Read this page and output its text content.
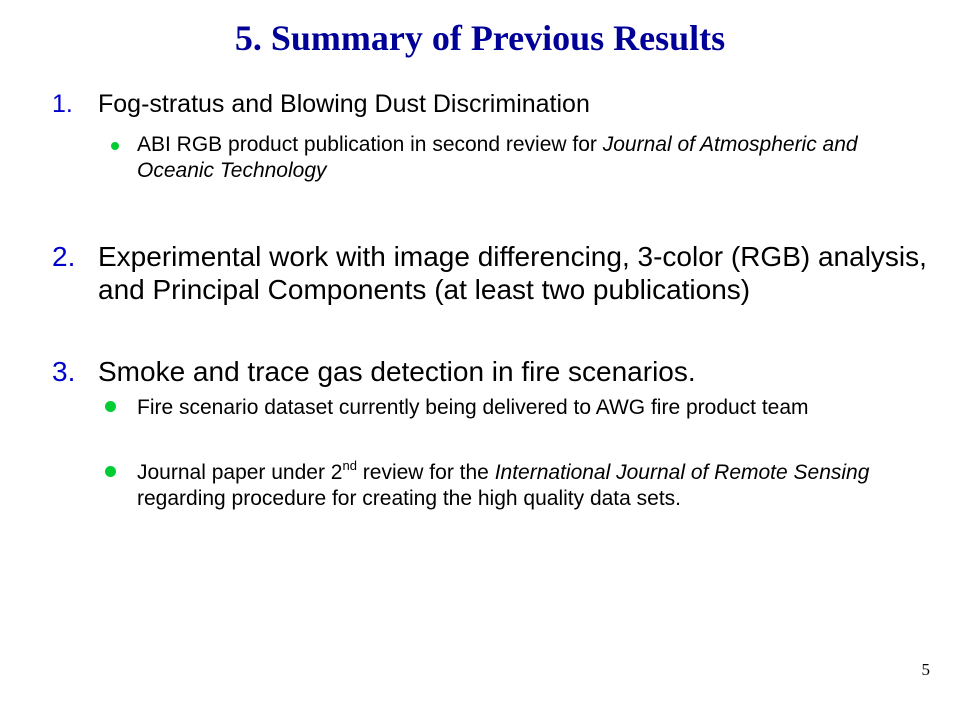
5. Summary of Previous Results
1. Fog-stratus and Blowing Dust Discrimination
ABI RGB product publication in second review for Journal of Atmospheric and Oceanic Technology
2. Experimental work with image differencing, 3-color (RGB) analysis, and Principal Components (at least two publications)
3. Smoke and trace gas detection in fire scenarios.
Fire scenario dataset currently being delivered to AWG fire product team
Journal paper under 2nd review for the International Journal of Remote Sensing regarding procedure for creating the high quality data sets.
5
